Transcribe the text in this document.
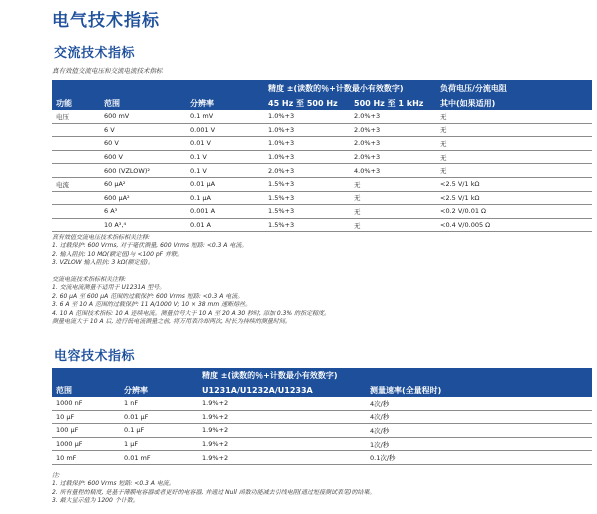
电气技术指标
交流技术指标
真有效值交流电压和交流电流技术指标
			精度 ±(读数的％+计数最小有效数字)		负荷电压/分流电阻
功能	范围	分辨率	45 Hz 至 500 Hz	500 Hz 至 1 kHz	其中(如果适用)
电压	600 mV	0.1 mV	1.0%+3	2.0%+3	无
	6 V	0.001 V	1.0%+3	2.0%+3	无
	60 V	0.01 V	1.0%+3	2.0%+3	无
	600 V	0.1 V	1.0%+3	2.0%+3	无
	600 (VZLOW)²	0.1 V	2.0%+3	4.0%+3	无
电流	60 µA²	0.01 µA	1.5%+3	无	<2.5 V/1 kΩ
	600 µA²	0.1 µA	1.5%+3	无	<2.5 V/1 kΩ
	6 A³	0.001 A	1.5%+3	无	<0.2 V/0.01 Ω
	10 A³,⁴	0.01 A	1.5%+3	无	<0.4 V/0.005 Ω
真有效值交流电压技术指标相关注释:
1. 过载保护: 600 Vrms, 对于毫伏测量, 600 Vrms 短路: <0.3 A 电流。
2. 输入阻抗: 10 MΩ(额定值)与 <100 pF 并联。
3. VZLOW 输入阻抗: 3 kΩ(额定值)。
交流电流技术指标相关注释:
1. 交流电流测量不适用于 U1231A 型号。
2. 60 µA 至 600 µA 范围的过载保护: 600 Vrms 短路: <0.3 A 电流。
3. 6 A 至 10 A 范围的过载保护: 11 A/1000 V; 10 × 38 mm 速断熔丝。
4. 10 A 范围技术指标: 10 A 连续电流。测量信号大于 10 A 至 20 A 30 秒时, 添加 0.3% 的指定精度。
测量电流大于 10 A 后, 进行低电流测量之前, 将万用表冷却两次, 时长为持续的测量时间。
电容技术指标
		精度 ±(读数的％+计数最小有效数字)	
范围	分辨率	U1231A/U1232A/U1233A	测量速率(全量程时)
1000 nF	1 nF	1.9%+2	4次/秒
10 µF	0.01 µF	1.9%+2	4次/秒
100 µF	0.1 µF	1.9%+2	4次/秒
1000 µF	1 µF	1.9%+2	1次/秒
10 mF	0.01 mF	1.9%+2	0.1次/秒
注:
1. 过载保护: 600 Vrms 短路: <0.3 A 电流。
2. 所有量程的精度, 是基于薄膜电容器或者更好的电容器, 并通过 Null 函数功能减去引线电阻(通过短接测试表笔)的结果。
3. 最大显示值为 1200 个计数。
